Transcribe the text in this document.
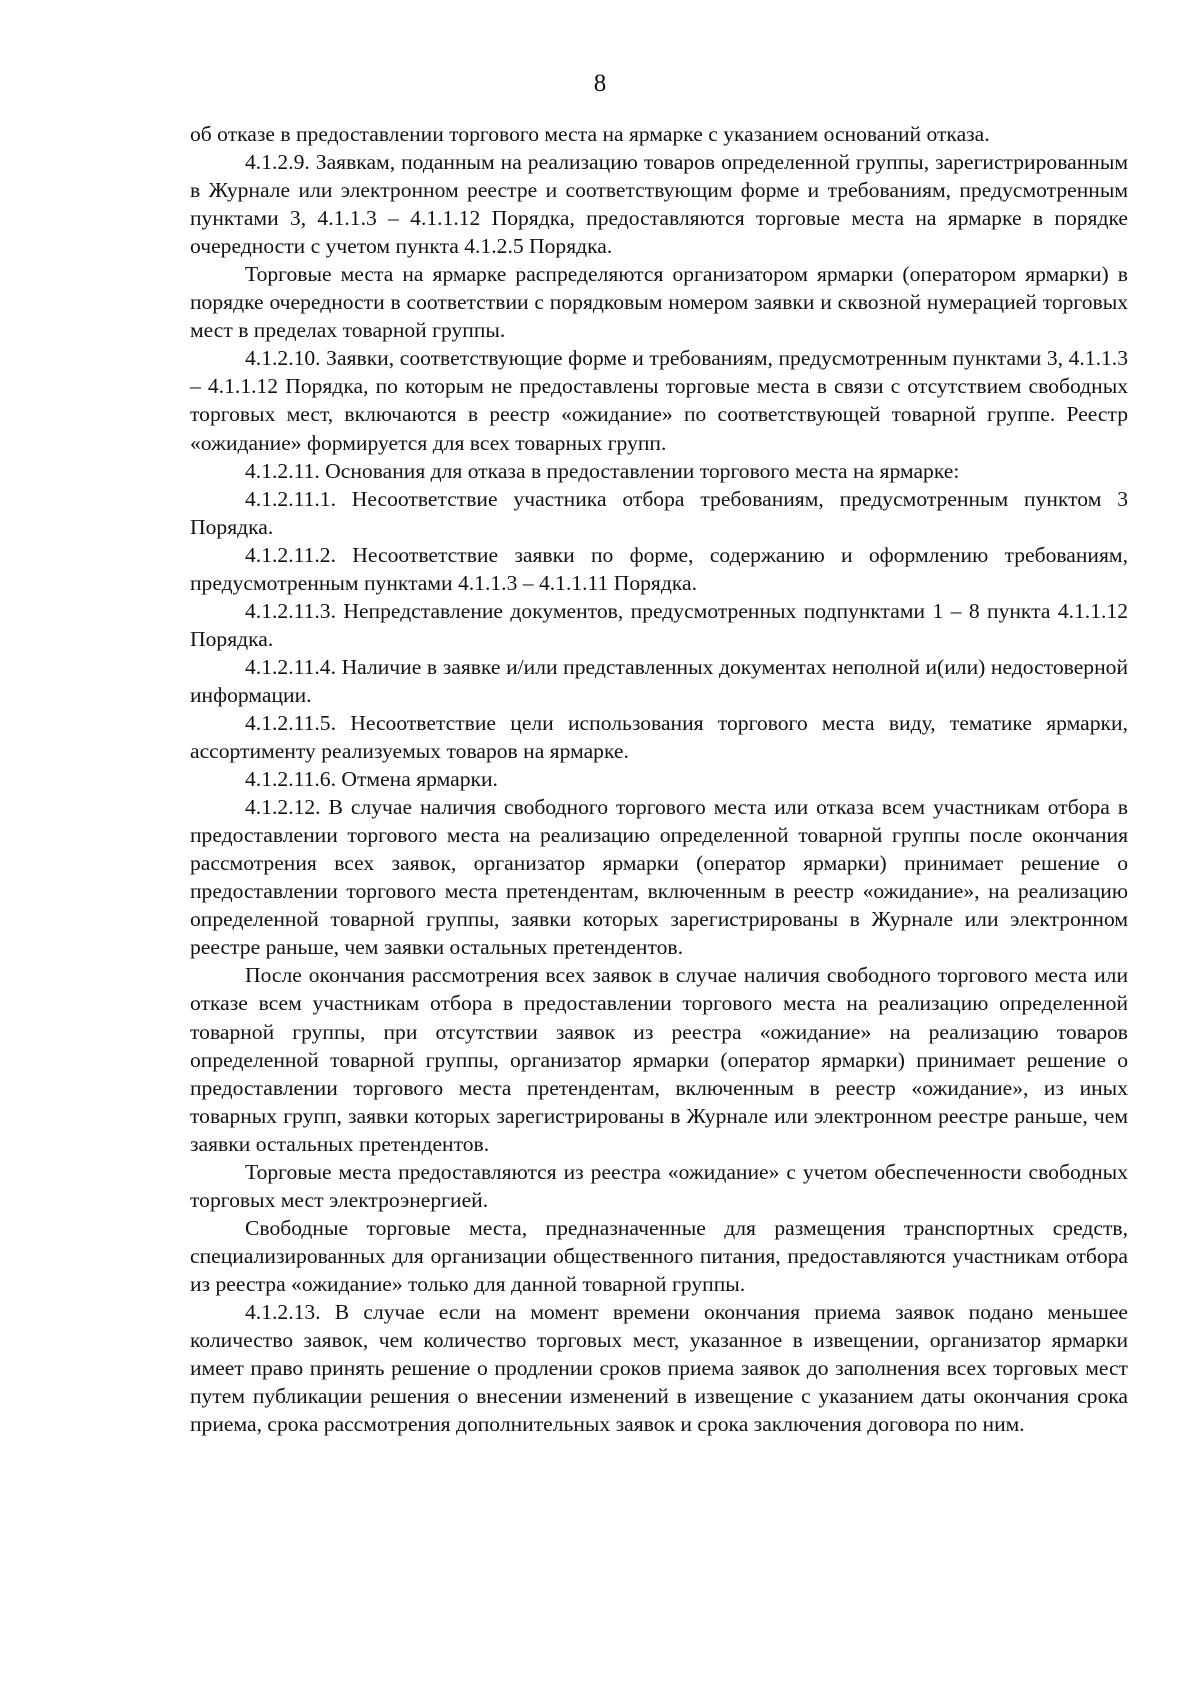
8

об отказе в предоставлении торгового места на ярмарке с указанием оснований отказа.

4.1.2.9. Заявкам, поданным на реализацию товаров определенной группы, зарегистрированным в Журнале или электронном реестре и соответствующим форме и требованиям, предусмотренным пунктами 3, 4.1.1.3 – 4.1.1.12 Порядка, предоставляются торговые места на ярмарке в порядке очередности с учетом пункта 4.1.2.5 Порядка.

Торговые места на ярмарке распределяются организатором ярмарки (оператором ярмарки) в порядке очередности в соответствии с порядковым номером заявки и сквозной нумерацией торговых мест в пределах товарной группы.

4.1.2.10. Заявки, соответствующие форме и требованиям, предусмотренным пунктами 3, 4.1.1.3 – 4.1.1.12 Порядка, по которым не предоставлены торговые места в связи с отсутствием свободных торговых мест, включаются в реестр «ожидание» по соответствующей товарной группе. Реестр «ожидание» формируется для всех товарных групп.

4.1.2.11. Основания для отказа в предоставлении торгового места на ярмарке:

4.1.2.11.1. Несоответствие участника отбора требованиям, предусмотренным пунктом 3 Порядка.

4.1.2.11.2. Несоответствие заявки по форме, содержанию и оформлению требованиям, предусмотренным пунктами 4.1.1.3 – 4.1.1.11 Порядка.

4.1.2.11.3. Непредставление документов, предусмотренных подпунктами 1 – 8 пункта 4.1.1.12 Порядка.

4.1.2.11.4. Наличие в заявке и/или представленных документах неполной и(или) недостоверной информации.

4.1.2.11.5. Несоответствие цели использования торгового места виду, тематике ярмарки, ассортименту реализуемых товаров на ярмарке.

4.1.2.11.6. Отмена ярмарки.

4.1.2.12. В случае наличия свободного торгового места или отказа всем участникам отбора в предоставлении торгового места на реализацию определенной товарной группы после окончания рассмотрения всех заявок, организатор ярмарки (оператор ярмарки) принимает решение о предоставлении торгового места претендентам, включенным в реестр «ожидание», на реализацию определенной товарной группы, заявки которых зарегистрированы в Журнале или электронном реестре раньше, чем заявки остальных претендентов.

После окончания рассмотрения всех заявок в случае наличия свободного торгового места или отказе всем участникам отбора в предоставлении торгового места на реализацию определенной товарной группы, при отсутствии заявок из реестра «ожидание» на реализацию товаров определенной товарной группы, организатор ярмарки (оператор ярмарки) принимает решение о предоставлении торгового места претендентам, включенным в реестр «ожидание», из иных товарных групп, заявки которых зарегистрированы в Журнале или электронном реестре раньше, чем заявки остальных претендентов.

Торговые места предоставляются из реестра «ожидание» с учетом обеспеченности свободных торговых мест электроэнергией.

Свободные торговые места, предназначенные для размещения транспортных средств, специализированных для организации общественного питания, предоставляются участникам отбора из реестра «ожидание» только для данной товарной группы.

4.1.2.13. В случае если на момент времени окончания приема заявок подано меньшее количество заявок, чем количество торговых мест, указанное в извещении, организатор ярмарки имеет право принять решение о продлении сроков приема заявок до заполнения всех торговых мест путем публикации решения о внесении изменений в извещение с указанием даты окончания срока приема, срока рассмотрения дополнительных заявок и срока заключения договора по ним.
